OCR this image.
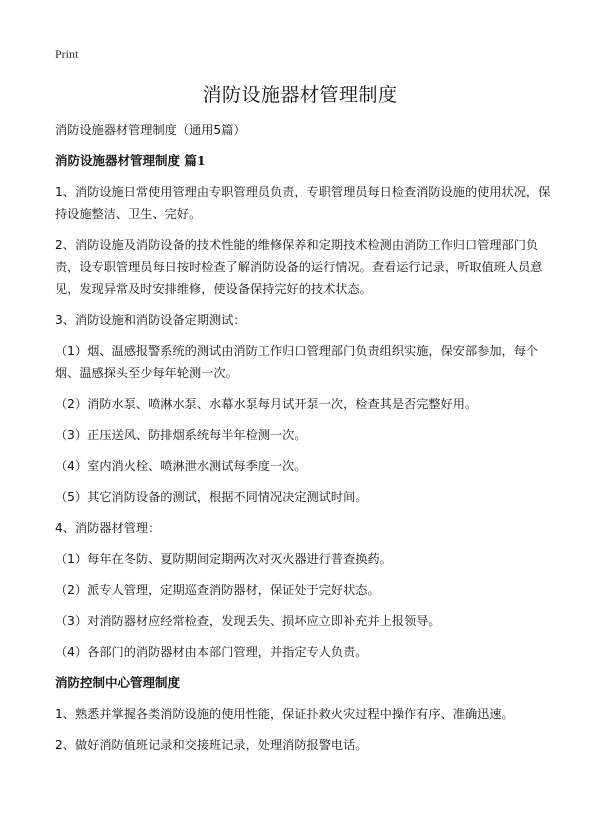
Print
消防设施器材管理制度

消防设施器材管理制度（通用5篇）

消防设施器材管理制度 篇1

1、消防设施日常使用管理由专职管理员负责，专职管理员每日检查消防设施的使用状况，保持设施整洁、卫生、完好。

2、消防设施及消防设备的技术性能的维修保养和定期技术检测由消防工作归口管理部门负责，设专职管理员每日按时检查了解消防设备的运行情况。查看运行记录，听取值班人员意见，发现异常及时安排维修，使设备保持完好的技术状态。

3、消防设施和消防设备定期测试：

（1）烟、温感报警系统的测试由消防工作归口管理部门负责组织实施，保安部参加，每个烟、温感探头至少每年轮测一次。

（2）消防水泵、喷淋水泵、水幕水泵每月试开泵一次，检查其是否完整好用。

（3）正压送风、防排烟系统每半年检测一次。

（4）室内消火栓、喷淋泄水测试每季度一次。

（5）其它消防设备的测试，根据不同情况决定测试时间。

4、消防器材管理：

（1）每年在冬防、夏防期间定期两次对灭火器进行普查换药。

（2）派专人管理，定期巡查消防器材，保证处于完好状态。

（3）对消防器材应经常检查，发现丢失、损坏应立即补充并上报领导。

（4）各部门的消防器材由本部门管理，并指定专人负责。

消防控制中心管理制度

1、熟悉并掌握各类消防设施的使用性能，保证扑救火灾过程中操作有序、准确迅速。

2、做好消防值班记录和交接班记录，处理消防报警电话。
